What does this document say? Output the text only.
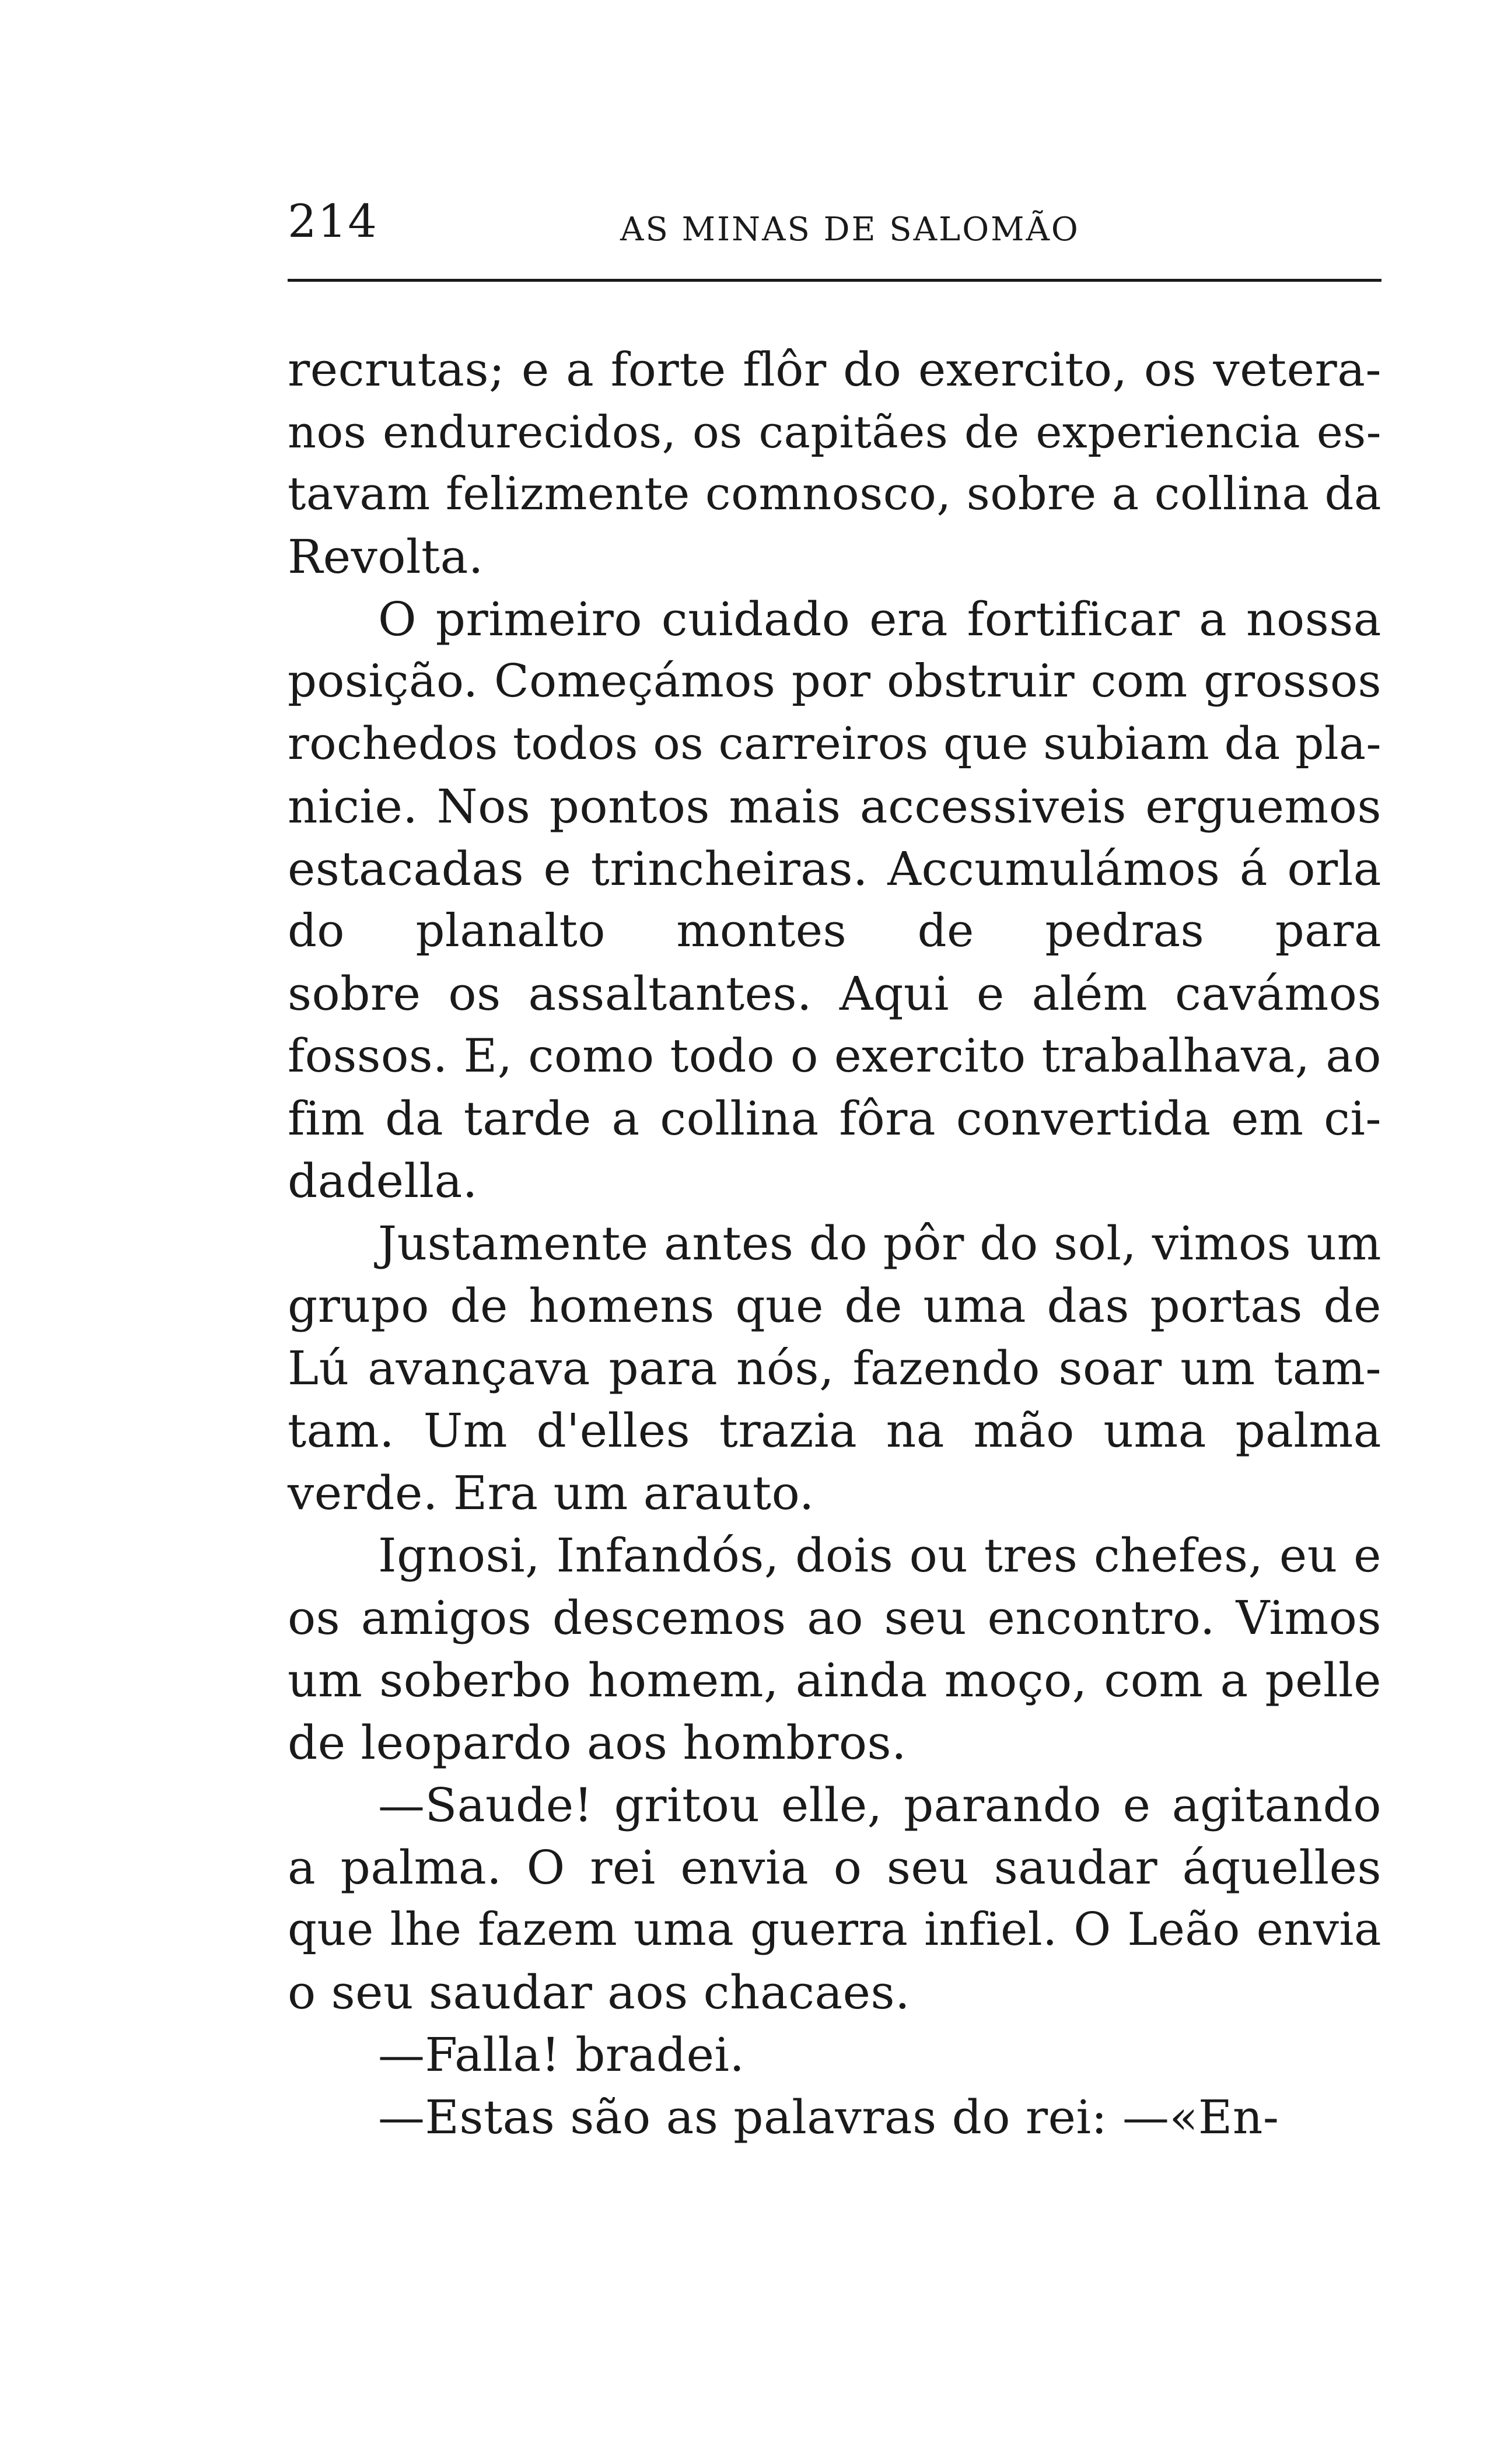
214	AS MINAS DE SALOMÃO
recrutas; e a forte flôr do exercito, os vetera-
nos endurecidos, os capitães de experiencia es-
tavam felizmente comnosco, sobre a collina da
Revolta.
O primeiro cuidado era fortificar a nossa
posição. Começámos por obstruir com grossos
rochedos todos os carreiros que subiam da pla-
nicie. Nos pontos mais accessiveis erguemos
estacadas e trincheiras. Accumulámos á orla
do planalto montes de pedras para
sobre os assaltantes. Aqui e além cavámos
fossos. E, como todo o exercito trabalhava, ao
fim da tarde a collina fôra convertida em ci-
dadella.
Justamente antes do pôr do sol, vimos um
grupo de homens que de uma das portas de
Lú avançava para nós, fazendo soar um tam-
tam. Um d'elles trazia na mão uma palma
verde. Era um arauto.
Ignosi, Infandós, dois ou tres chefes, eu e
os amigos descemos ao seu encontro. Vimos
um soberbo homem, ainda moço, com a pelle
de leopardo aos hombros.
—Saude! gritou elle, parando e agitando
a palma. O rei envia o seu saudar áquelles
que lhe fazem uma guerra infiel. O Leão envia
o seu saudar aos chacaes.
—Falla! bradei.
—Estas são as palavras do rei: —«En-
